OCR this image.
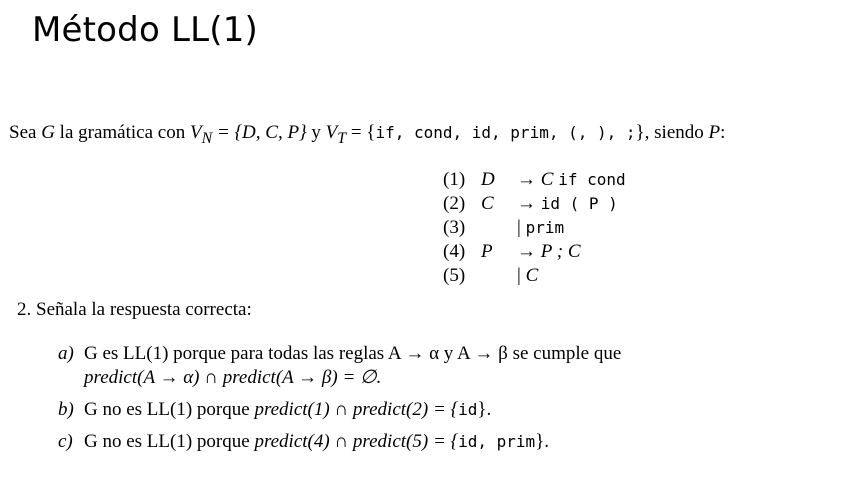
Método LL(1)
Sea G la gramática con $V_N = \{D$, C, P} y $V_T = \{if$, cond, id, prim, (, ), ;}, siendo P:
(1) D → C if cond
(2) C → id ( P )
(3)	| prim
(4) P → P ; C
(5)	| C
2. Señala la respuesta correcta:
a) G es LL(1) porque para todas las reglas A → α y A → β se cumple que
predict(A → α) ∩ predict(A → β) = ∅.
b) G no es LL(1) porque predict(1) ∩ predict(2) = {id}.
c) G no es LL(1) porque predict(4) ∩ predict(5) = {id, prim}.
